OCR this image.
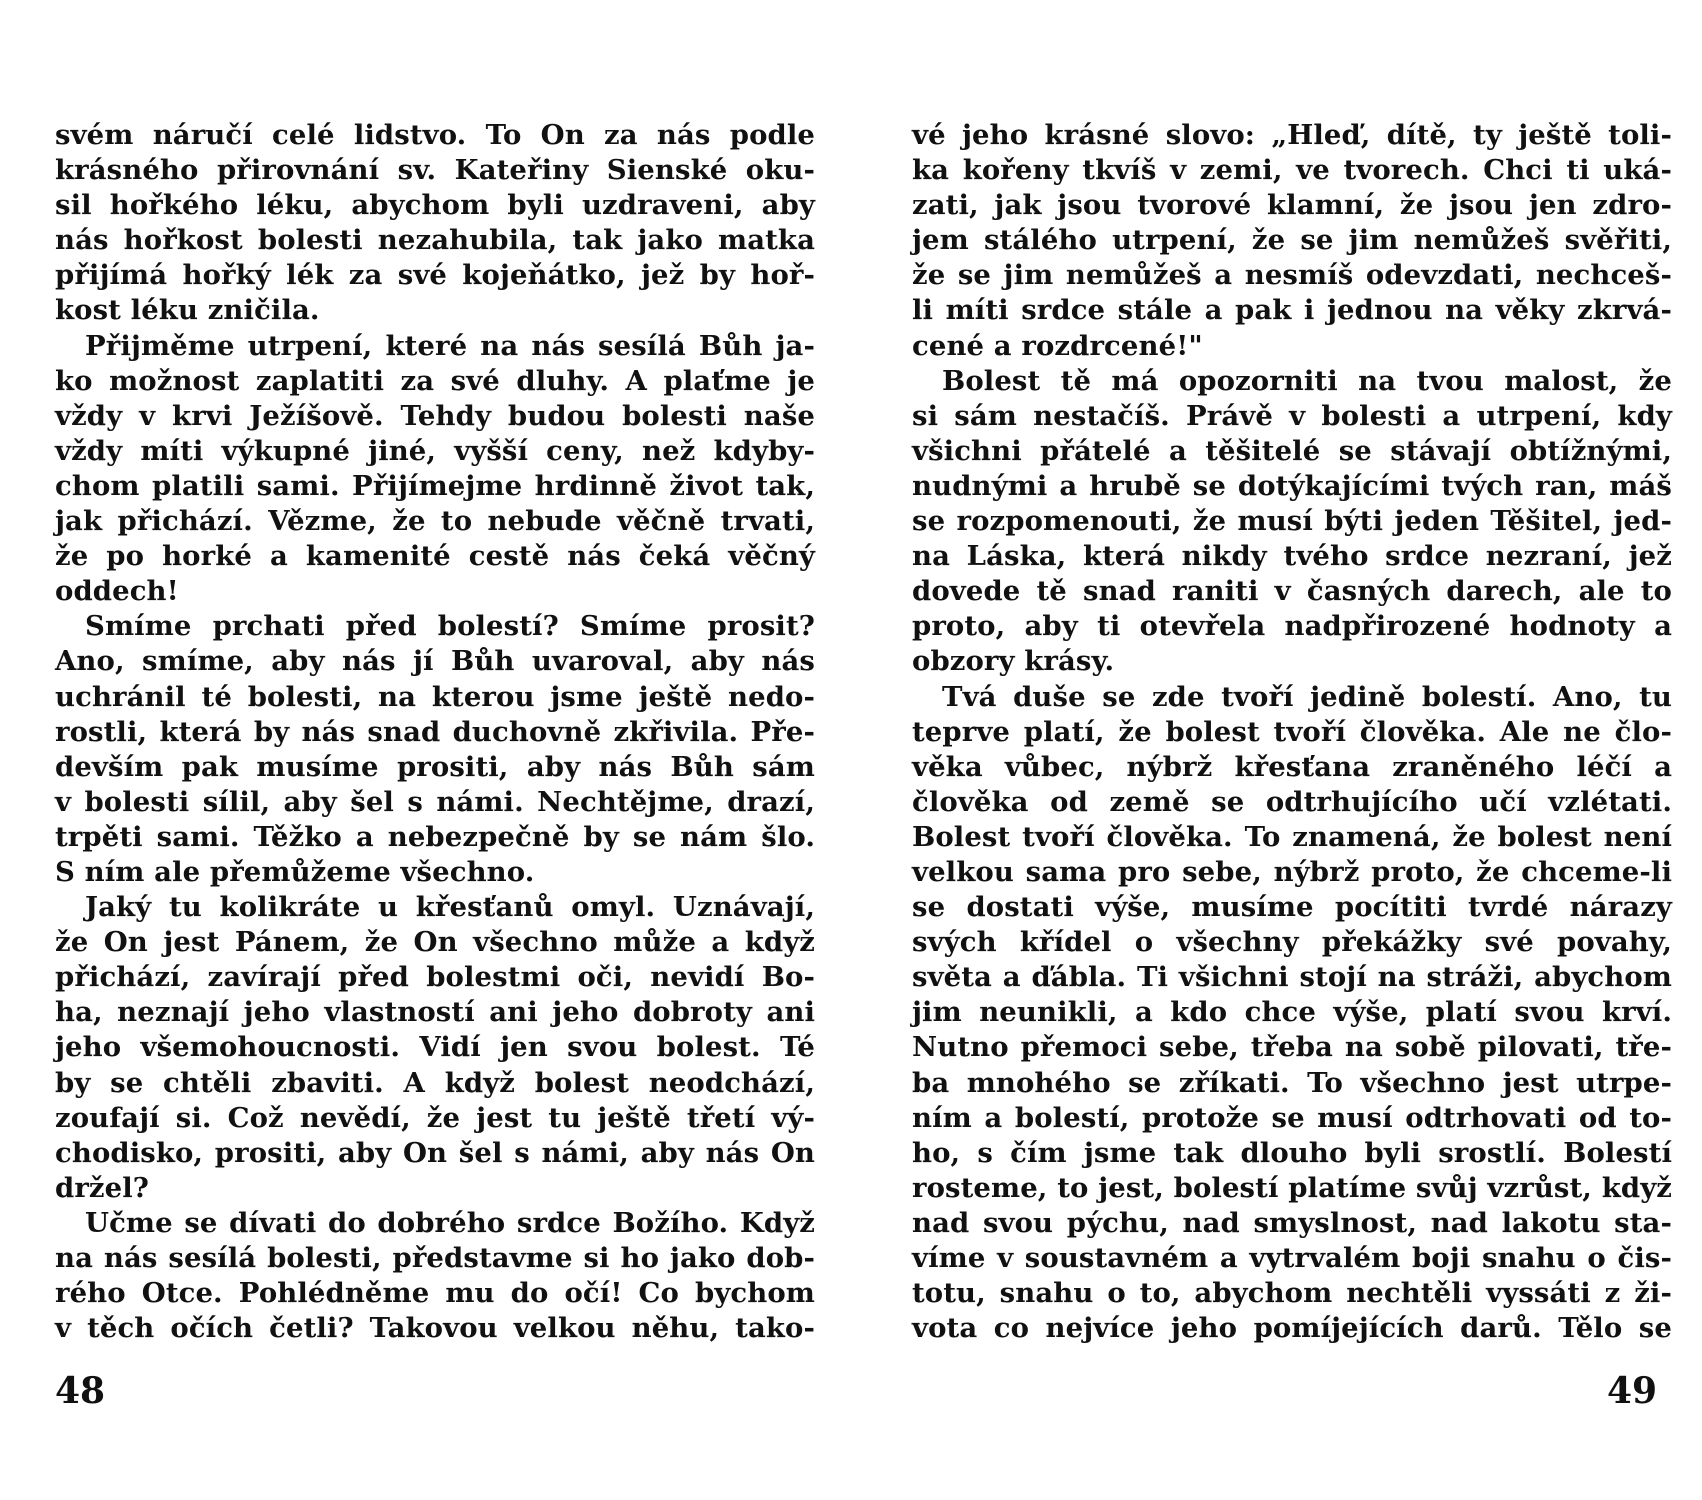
svém náručí celé lidstvo. To On za nás podle
krásného přirovnání sv. Kateřiny Sienské oku-
sil hořkého léku, abychom byli uzdraveni, aby
nás hořkost bolesti nezahubila, tak jako matka
přijímá hořký lék za své kojeňátko, jež by hoř-
kost léku zničila.
Přijměme utrpení, které na nás sesílá Bůh ja-
ko možnost zaplatiti za své dluhy. A plaťme je
vždy v krvi Ježíšově. Tehdy budou bolesti naše
vždy míti výkupné jiné, vyšší ceny, než kdyby-
chom platili sami. Přijímejme hrdinně život tak,
jak přichází. Vězme, že to nebude věčně trvati,
že po horké a kamenité cestě nás čeká věčný
oddech!
Smíme prchati před bolestí? Smíme prosit?
Ano, smíme, aby nás jí Bůh uvaroval, aby nás
uchránil té bolesti, na kterou jsme ještě nedo-
rostli, která by nás snad duchovně zkřivila. Pře-
devším pak musíme prositi, aby nás Bůh sám
v bolesti sílil, aby šel s námi. Nechtějme, drazí,
trpěti sami. Těžko a nebezpečně by se nám šlo.
S ním ale přemůžeme všechno.
Jaký tu kolikráte u křesťanů omyl. Uznávají,
že On jest Pánem, že On všechno může a když
přichází, zavírají před bolestmi oči, nevidí Bo-
ha, neznají jeho vlastností ani jeho dobroty ani
jeho všemohoucnosti. Vidí jen svou bolest. Té
by se chtěli zbaviti. A když bolest neodchází,
zoufají si. Což nevědí, že jest tu ještě třetí vý-
chodisko, prositi, aby On šel s námi, aby nás On
držel?
Učme se dívati do dobrého srdce Božího. Když
na nás sesílá bolesti, představme si ho jako dob-
rého Otce. Pohlédněme mu do očí! Co bychom
v těch očích četli? Takovou velkou něhu, tako-
vé jeho krásné slovo: „Hleď, dítě, ty ještě toli-
ka kořeny tkvíš v zemi, ve tvorech. Chci ti uká-
zati, jak jsou tvorové klamní, že jsou jen zdro-
jem stálého utrpení, že se jim nemůžeš svěřiti,
že se jim nemůžeš a nesmíš odevzdati, nechceš-
li míti srdce stále a pak i jednou na věky zkrvá-
cené a rozdrcené!"
Bolest tě má opozorniti na tvou malost, že
si sám nestačíš. Právě v bolesti a utrpení, kdy
všichni přátelé a těšitelé se stávají obtížnými,
nudnými a hrubě se dotýkajícími tvých ran, máš
se rozpomenouti, že musí býti jeden Těšitel, jed-
na Láska, která nikdy tvého srdce nezraní, jež
dovede tě snad raniti v časných darech, ale to
proto, aby ti otevřela nadpřirozené hodnoty a
obzory krásy.
Tvá duše se zde tvoří jedině bolestí. Ano, tu
teprve platí, že bolest tvoří člověka. Ale ne člo-
věka vůbec, nýbrž křesťana zraněného léčí a
člověka od země se odtrhujícího učí vzlétati.
Bolest tvoří člověka. To znamená, že bolest není
velkou sama pro sebe, nýbrž proto, že chceme-li
se dostati výše, musíme pocítiti tvrdé nárazy
svých křídel o všechny překážky své povahy,
světa a ďábla. Ti všichni stojí na stráži, abychom
jim neunikli, a kdo chce výše, platí svou krví.
Nutno přemoci sebe, třeba na sobě pilovati, tře-
ba mnohého se zříkati. To všechno jest utrpe-
ním a bolestí, protože se musí odtrhovati od to-
ho, s čím jsme tak dlouho byli srostlí. Bolestí
rosteme, to jest, bolestí platíme svůj vzrůst, když
nad svou pýchu, nad smyslnost, nad lakotu sta-
víme v soustavném a vytrvalém boji snahu o čis-
totu, snahu o to, abychom nechtěli vyssáti z ži-
vota co nejvíce jeho pomíjejících darů. Tělo se
48	49
